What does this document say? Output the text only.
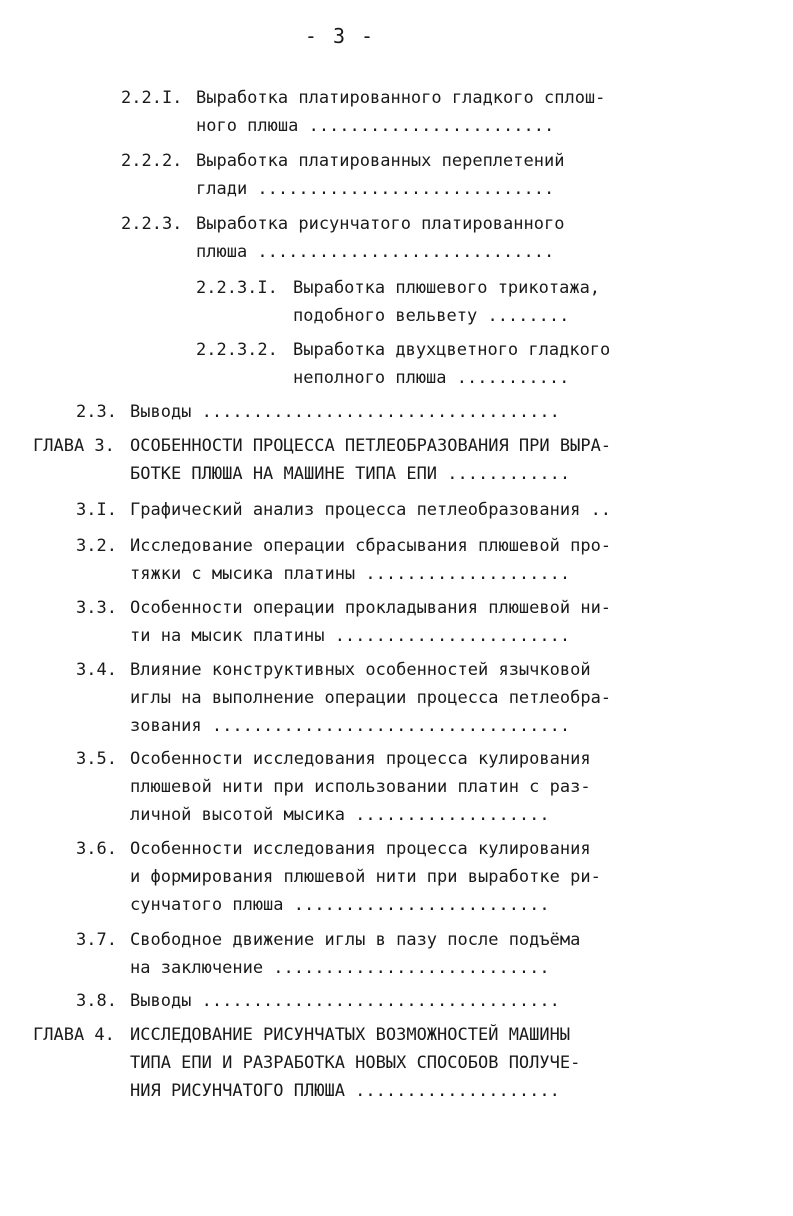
- 3 -
2.2.I. Выработка платированного гладкого сплош-
ного плюша ........................
2.2.2. Выработка платированных переплетений
глади .............................
2.2.3. Выработка рисунчатого платированного
плюша .............................
2.2.3.I. Выработка плюшевого трикотажа,
подобного вельвету ........
2.2.3.2. Выработка двухцветного гладкого
неполного плюша ...........
2.3. Выводы ...................................
ГЛАВА 3. ОСОБЕННОСТИ ПРОЦЕССА ПЕТЛЕОБРАЗОВАНИЯ ПРИ ВЫРА-
БОТКЕ ПЛЮША НА МАШИНЕ ТИПА ЕПИ ............
3.I. Графический анализ процесса петлеобразования ..
3.2. Исследование операции сбрасывания плюшевой про-
тяжки с мысика платины ....................
3.3. Особенности операции прокладывания плюшевой ни-
ти на мысик платины .......................
3.4. Влияние конструктивных особенностей язычковой
иглы на выполнение операции процесса петлеобра-
зования ...................................
3.5. Особенности исследования процесса кулирования
плюшевой нити при использовании платин с раз-
личной высотой мысика ...................
3.6. Особенности исследования процесса кулирования
и формирования плюшевой нити при выработке ри-
сунчатого плюша .........................
3.7. Свободное движение иглы в пазу после подъёма
на заключение ...........................
3.8. Выводы ...................................
ГЛАВА 4. ИССЛЕДОВАНИЕ РИСУНЧАТЫХ ВОЗМОЖНОСТЕЙ МАШИНЫ
ТИПА ЕПИ И РАЗРАБОТКА НОВЫХ СПОСОБОВ ПОЛУЧЕ-
НИЯ РИСУНЧАТОГО ПЛЮША ....................
